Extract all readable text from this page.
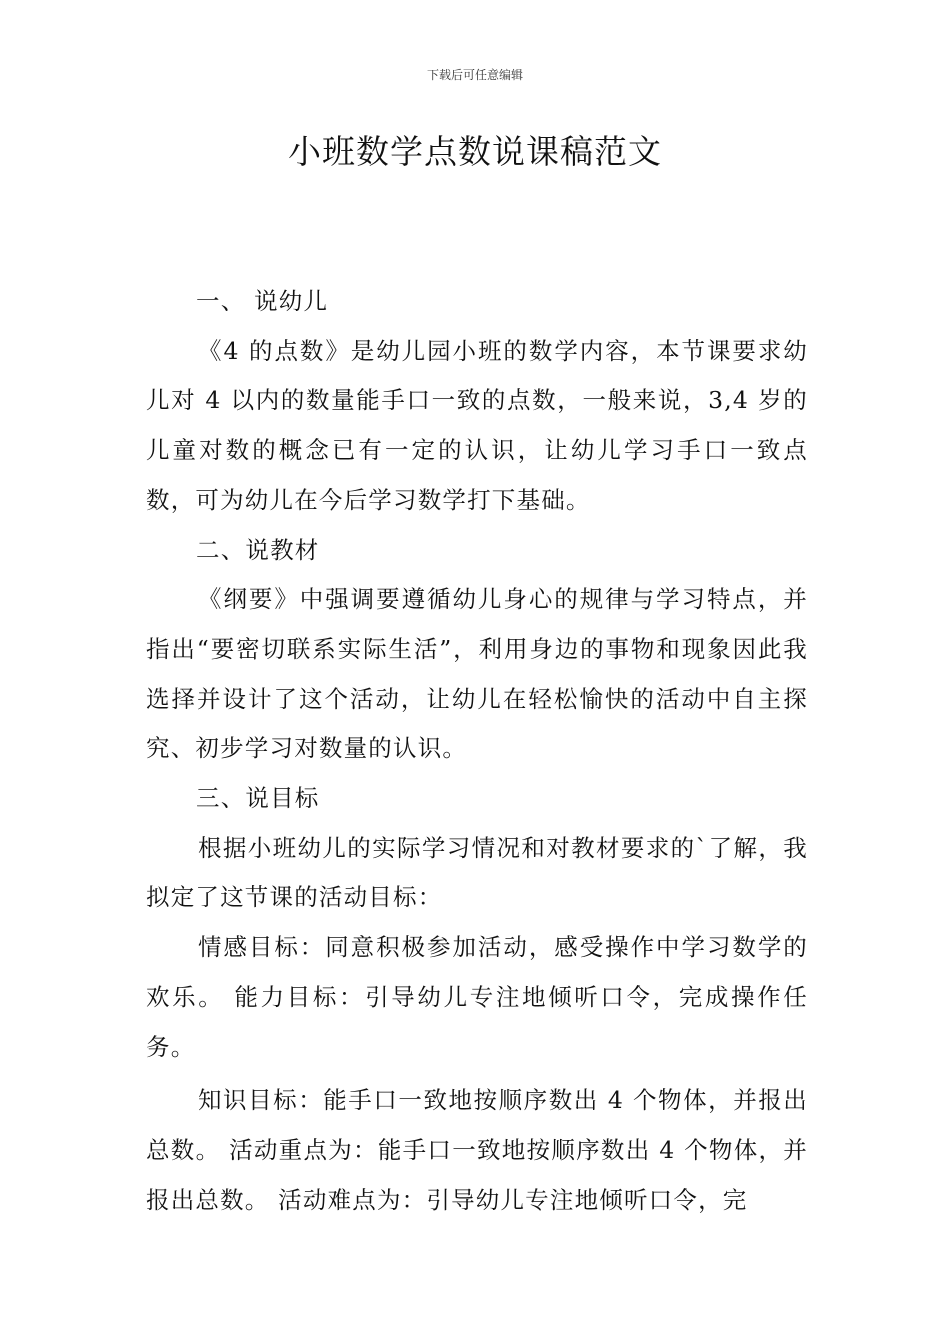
下载后可任意编辑
小班数学点数说课稿范文

一、 说幼儿

《4 的点数》是幼儿园小班的数学内容，本节课要求幼儿对 4 以内的数量能手口一致的点数，一般来说，3,4 岁的儿童对数的概念已有一定的认识，让幼儿学习手口一致点数，可为幼儿在今后学习数学打下基础。

二、说教材

《纲要》中强调要遵循幼儿身心的规律与学习特点，并指出“要密切联系实际生活”，利用身边的事物和现象因此我选择并设计了这个活动，让幼儿在轻松愉快的活动中自主探究、初步学习对数量的认识。

三、说目标

根据小班幼儿的实际学习情况和对教材要求的`了解，我拟定了这节课的活动目标：

情感目标：同意积极参加活动，感受操作中学习数学的欢乐。 能力目标：引导幼儿专注地倾听口令，完成操作任务。

知识目标：能手口一致地按顺序数出 4 个物体，并报出总数。 活动重点为：能手口一致地按顺序数出 4 个物体，并报出总数。 活动难点为：引导幼儿专注地倾听口令，完
